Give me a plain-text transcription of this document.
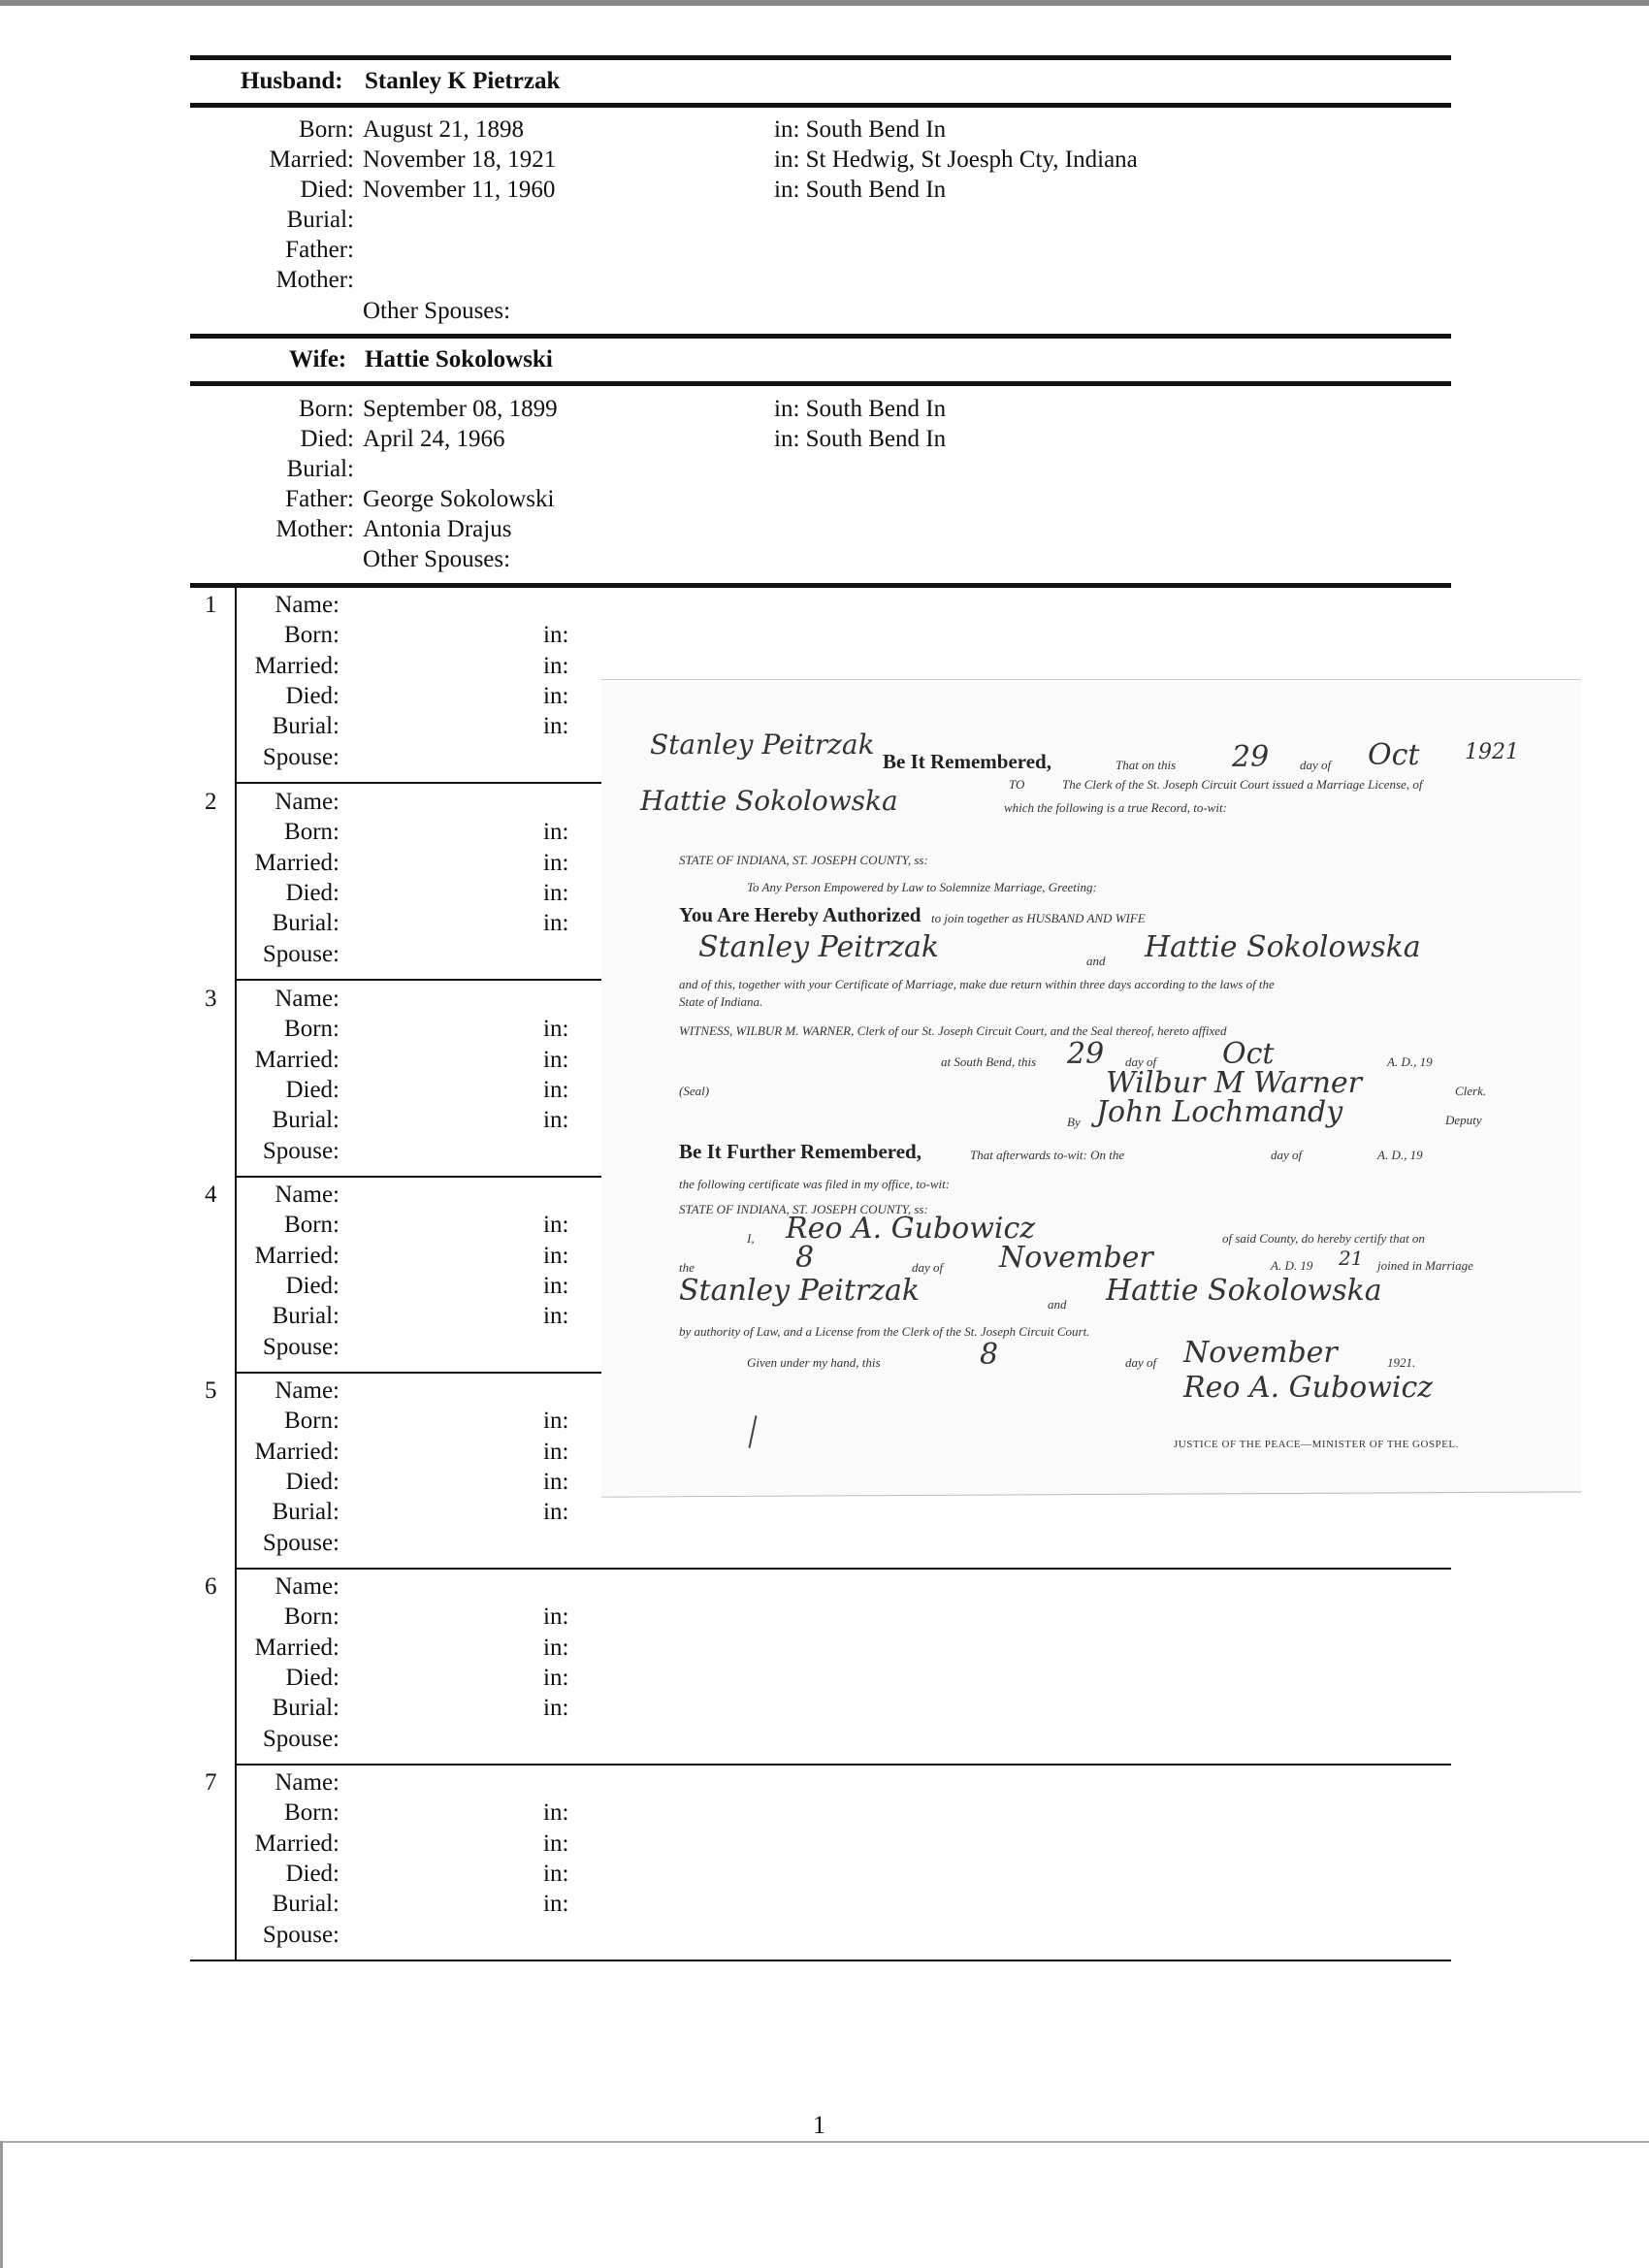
Husband: Stanley K Pietrzak
Born: August 21, 1898	in: South Bend In
Married: November 18, 1921	in: St Hedwig, St Joesph Cty, Indiana
Died: November 11, 1960	in: South Bend In
Burial:
Father:
Mother:
Other Spouses:
Wife: Hattie Sokolowski
Born: September 08, 1899	in: South Bend In
Died: April 24, 1966	in: South Bend In
Burial:
Father: George Sokolowski
Mother: Antonia Drajus
Other Spouses:
1	Name:
Born:	in:
Married:	in:
Died:	in:
Burial:	in:
Spouse:
2	Name:
Born:	in:
Married:	in:
Died:	in:
Burial:	in:
Spouse:
3	Name:
Born:	in:
Married:	in:
Died:	in:
Burial:	in:
Spouse:
4	Name:
Born:	in:
Married:	in:
Died:	in:
Burial:	in:
Spouse:
5	Name:
Born:	in:
Married:	in:
Died:	in:
Burial:	in:
Spouse:
6	Name:
Born:	in:
Married:	in:
Died:	in:
Burial:	in:
Spouse:
7	Name:
Born:	in:
Married:	in:
Died:	in:
Burial:	in:
Spouse:
Stanley Peitrzak
Be It Remembered,	That on this 29 day of Oct 1921
TO	The Clerk of the St. Joseph Circuit Court issued a Marriage License, of
Hattie Sokolowska	which the following is a true Record, to-wit:
STATE OF INDIANA, ST. JOSEPH COUNTY, ss:
To Any Person Empowered by Law to Solemnize Marriage, Greeting:
You Are Hereby Authorized to join together as HUSBAND AND WIFE
Stanley Peitrzak	and Hattie Sokolowska
and of this, together with your Certificate of Marriage, make due return within three days according to the laws of the
State of Indiana.
WITNESS, WILBUR M. WARNER, Clerk of our St. Joseph Circuit Court, and the Seal thereof, hereto affixed
at South Bend, this 29 day of Oct	A. D., 19
(Seal)	Wilbur M Warner	Clerk.
By John Lochmandy	Deputy
Be It Further Remembered,	That afterwards to-wit: On the	day of	A. D., 19
the following certificate was filed in my office, to-wit:
STATE OF INDIANA, ST. JOSEPH COUNTY, ss:
I, Reo A. Gubowicz	of said County, do hereby certify that on
the	8	day of November	A. D. 19 21 joined in Marriage
Stanley Peitrzak	and Hattie Sokolowska
by authority of Law, and a License from the Clerk of the St. Joseph Circuit Court.
Given under my hand, this	8	day of November	1921.
Reo A. Gubowicz
JUSTICE OF THE PEACE—MINISTER OF THE GOSPEL.
1
